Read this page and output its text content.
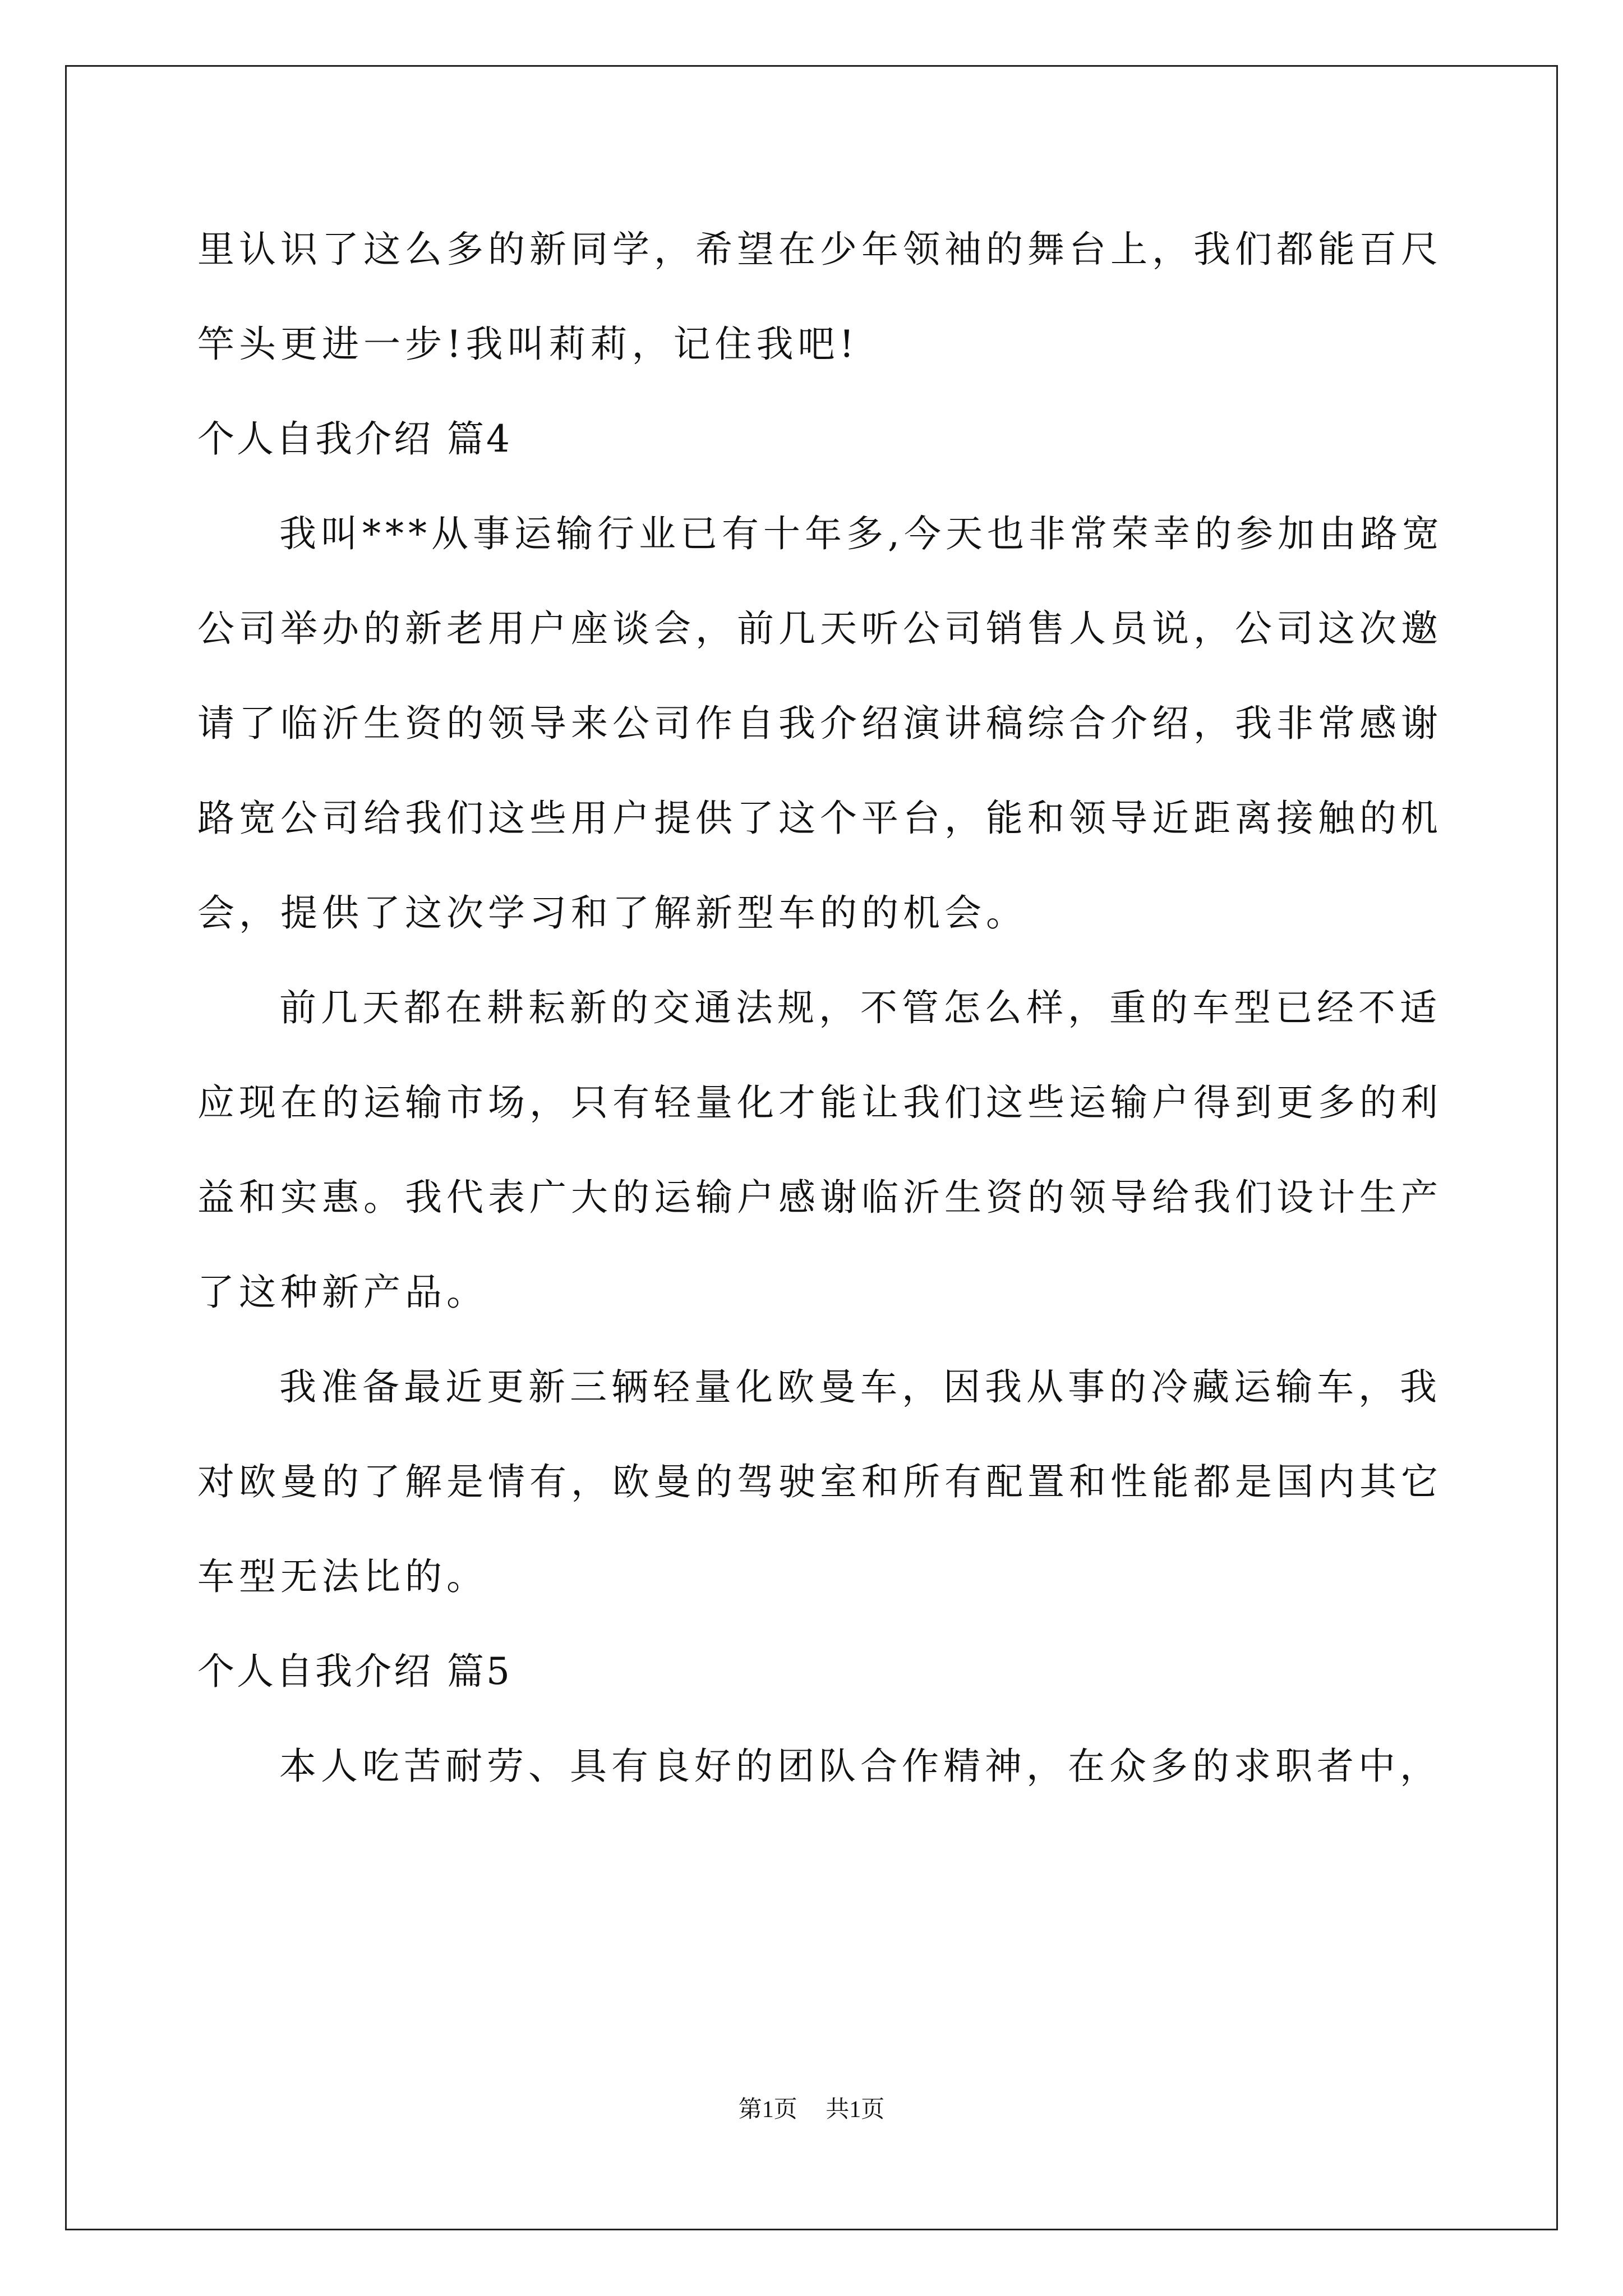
里认识了这么多的新同学，希望在少年领袖的舞台上，我们都能百尺
竿头更进一步!我叫莉莉，记住我吧!
个人自我介绍 篇4
我叫***从事运输行业已有十年多,今天也非常荣幸的参加由路宽
公司举办的新老用户座谈会，前几天听公司销售人员说，公司这次邀
请了临沂生资的领导来公司作自我介绍演讲稿综合介绍，我非常感谢
路宽公司给我们这些用户提供了这个平台，能和领导近距离接触的机
会，提供了这次学习和了解新型车的的机会。
前几天都在耕耘新的交通法规，不管怎么样，重的车型已经不适
应现在的运输市场，只有轻量化才能让我们这些运输户得到更多的利
益和实惠。我代表广大的运输户感谢临沂生资的领导给我们设计生产
了这种新产品。
我准备最近更新三辆轻量化欧曼车，因我从事的冷藏运输车，我
对欧曼的了解是情有，欧曼的驾驶室和所有配置和性能都是国内其它
车型无法比的。
个人自我介绍 篇5
本人吃苦耐劳、具有良好的团队合作精神，在众多的求职者中，
第1页 共1页
